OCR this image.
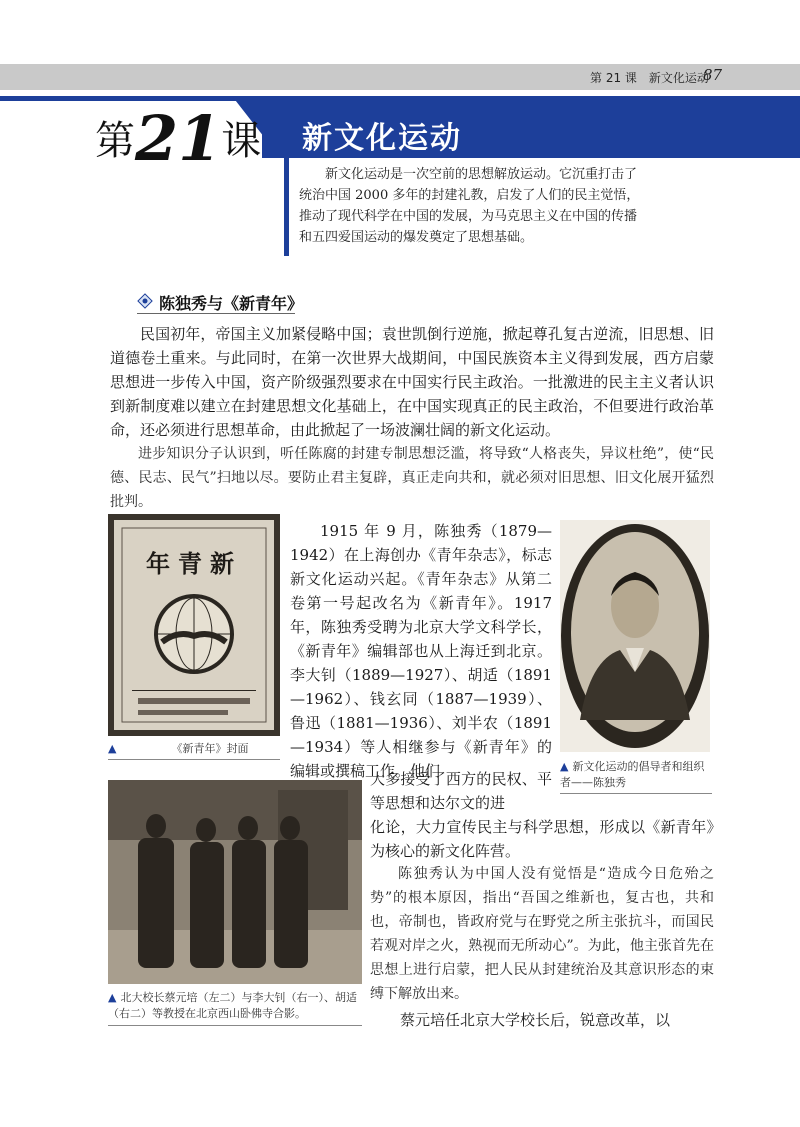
第 21 课　新文化运动
87
第21课 新文化运动
新文化运动是一次空前的思想解放运动。它沉重打击了统治中国 2000 多年的封建礼教，启发了人们的民主觉悟，推动了现代科学在中国的发展，为马克思主义在中国的传播和五四爱国运动的爆发奠定了思想基础。
陈独秀与《新青年》
民国初年，帝国主义加紧侵略中国；袁世凯倒行逆施，掀起尊孔复古逆流，旧思想、旧道德卷土重来。与此同时，在第一次世界大战期间，中国民族资本主义得到发展，西方启蒙思想进一步传入中国，资产阶级强烈要求在中国实行民主政治。一批激进的民主主义者认识到新制度难以建立在封建思想文化基础上，在中国实现真正的民主政治，不但要进行政治革命，还必须进行思想革命，由此掀起了一场波澜壮阔的新文化运动。
进步知识分子认识到，听任陈腐的封建专制思想泛滥，将导致“人格丧失，异议杜绝”，使“民德、民志、民气”扫地以尽。要防止君主复辟，真正走向共和，就必须对旧思想、旧文化展开猛烈批判。
年青新
▲	《新青年》封面
1915 年 9 月，陈独秀（1879—1942）在上海创办《青年杂志》，标志新文化运动兴起。《青年杂志》从第二卷第一号起改名为《新青年》。1917 年，陈独秀受聘为北京大学文科学长，《新青年》编辑部也从上海迁到北京。李大钊（1889—1927）、胡适（1891—1962）、钱玄同（1887—1939）、鲁迅（1881—1936）、刘半农（1891—1934）等人相继参与《新青年》的编辑或撰稿工作。他们	▲ 新文化运动的倡导者和组织者——陈独秀
大多接受了西方的民权、平等思想和达尔文的进
化论，大力宣传民主与科学思想，形成以《新青年》为核心的新文化阵营。
▲ 北大校长蔡元培（左二）与李大钊（右一）、胡适（右二）等教授在北京西山卧佛寺合影。
陈独秀认为中国人没有觉悟是“造成今日危殆之势”的根本原因，指出“吾国之维新也，复古也，共和也，帝制也，皆政府党与在野党之所主张抗斗，而国民若观对岸之火，熟视而无所动心”。为此，他主张首先在思想上进行启蒙，把人民从封建统治及其意识形态的束缚下解放出来。
蔡元培任北京大学校长后，锐意改革，以
